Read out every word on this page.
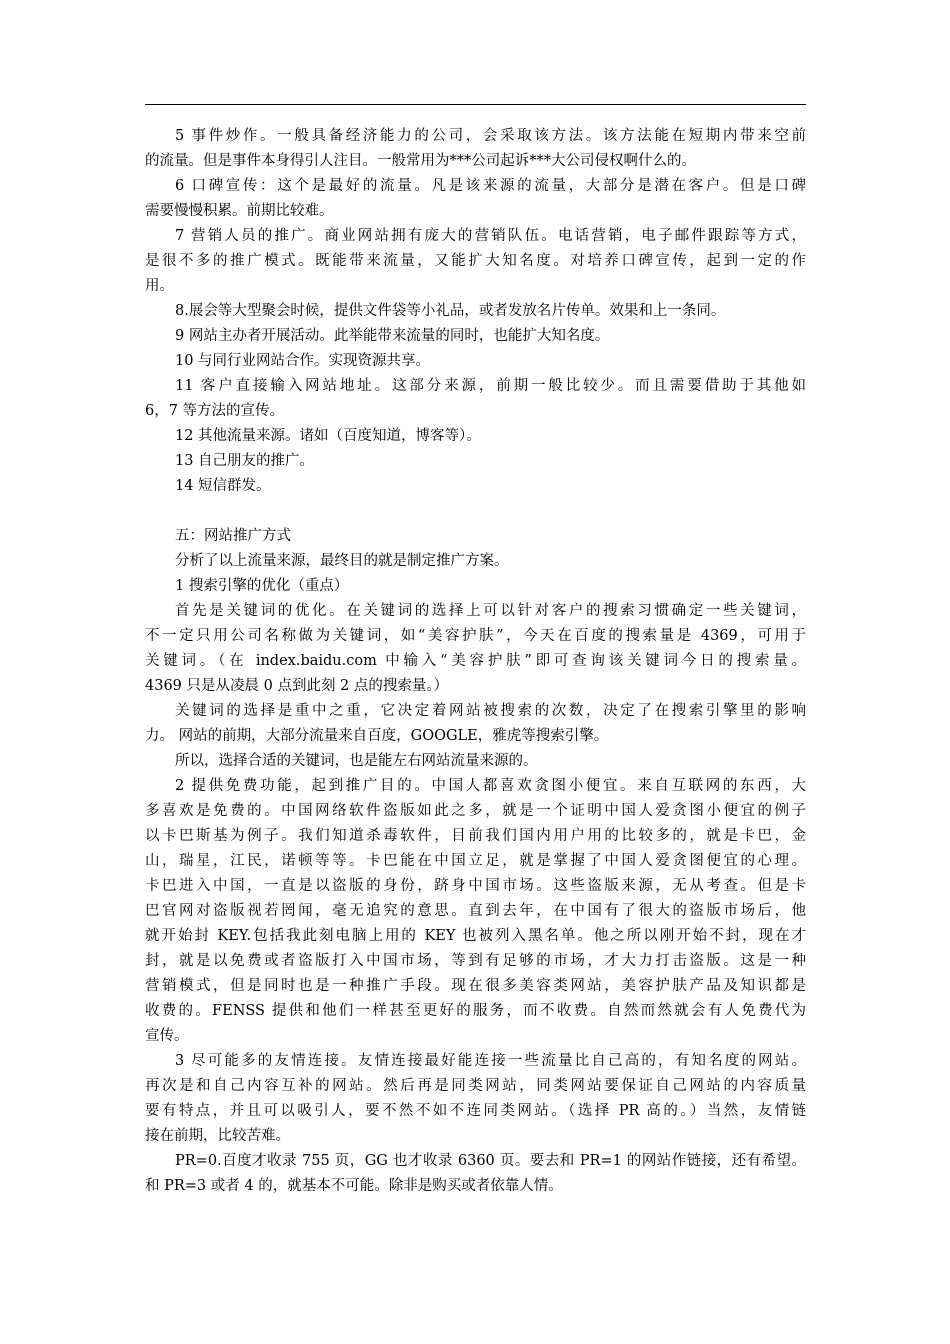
5 事件炒作。一般具备经济能力的公司，会采取该方法。该方法能在短期内带来空前
的流量。但是事件本身得引人注目。一般常用为***公司起诉***大公司侵权啊什么的。
6 口碑宣传：这个是最好的流量。凡是该来源的流量，大部分是潜在客户。但是口碑
需要慢慢积累。前期比较难。
7 营销人员的推广。商业网站拥有庞大的营销队伍。电话营销，电子邮件跟踪等方式，
是很不多的推广模式。既能带来流量，又能扩大知名度。对培养口碑宣传，起到一定的作
用。
8.展会等大型聚会时候，提供文件袋等小礼品，或者发放名片传单。效果和上一条同。
9 网站主办者开展活动。此举能带来流量的同时，也能扩大知名度。
10 与同行业网站合作。实现资源共享。
11 客户直接输入网站地址。这部分来源，前期一般比较少。而且需要借助于其他如
6，7 等方法的宣传。
12 其他流量来源。诸如（百度知道，博客等）。
13 自己朋友的推广。
14 短信群发。
五：网站推广方式
分析了以上流量来源，最终目的就是制定推广方案。
1 搜索引擎的优化（重点）
首先是关键词的优化。在关键词的选择上可以针对客户的搜索习惯确定一些关键词，
不一定只用公司名称做为关键词，如“美容护肤”，今天在百度的搜索量是 4369，可用于
关键词。（在 index.baidu.com 中输入“美容护肤”即可查询该关键词今日的搜索量。
4369 只是从凌晨 0 点到此刻 2 点的搜索量。）
关键词的选择是重中之重，它决定着网站被搜索的次数，决定了在搜索引擎里的影响
力。 网站的前期，大部分流量来自百度，GOOGLE，雅虎等搜索引擎。
所以，选择合适的关键词，也是能左右网站流量来源的。
2 提供免费功能，起到推广目的。中国人都喜欢贪图小便宜。来自互联网的东西，大
多喜欢是免费的。中国网络软件盗版如此之多，就是一个证明中国人爱贪图小便宜的例子
以卡巴斯基为例子。我们知道杀毒软件，目前我们国内用户用的比较多的，就是卡巴，金
山，瑞星，江民，诺顿等等。卡巴能在中国立足，就是掌握了中国人爱贪图便宜的心理。
卡巴进入中国，一直是以盗版的身份，跻身中国市场。这些盗版来源，无从考查。但是卡
巴官网对盗版视若罔闻，毫无追究的意思。直到去年，在中国有了很大的盗版市场后，他
就开始封 KEY.包括我此刻电脑上用的 KEY 也被列入黑名单。他之所以刚开始不封，现在才
封，就是以免费或者盗版打入中国市场，等到有足够的市场，才大力打击盗版。这是一种
营销模式，但是同时也是一种推广手段。现在很多美容类网站，美容护肤产品及知识都是
收费的。FENSS 提供和他们一样甚至更好的服务，而不收费。自然而然就会有人免费代为
宣传。
3 尽可能多的友情连接。友情连接最好能连接一些流量比自己高的，有知名度的网站。
再次是和自己内容互补的网站。然后再是同类网站，同类网站要保证自己网站的内容质量
要有特点，并且可以吸引人，要不然不如不连同类网站。（选择 PR 高的。）当然，友情链
接在前期，比较苦难。
PR=0.百度才收录 755 页，GG 也才收录 6360 页。要去和 PR=1 的网站作链接，还有希望。
和 PR=3 或者 4 的，就基本不可能。除非是购买或者依靠人情。
